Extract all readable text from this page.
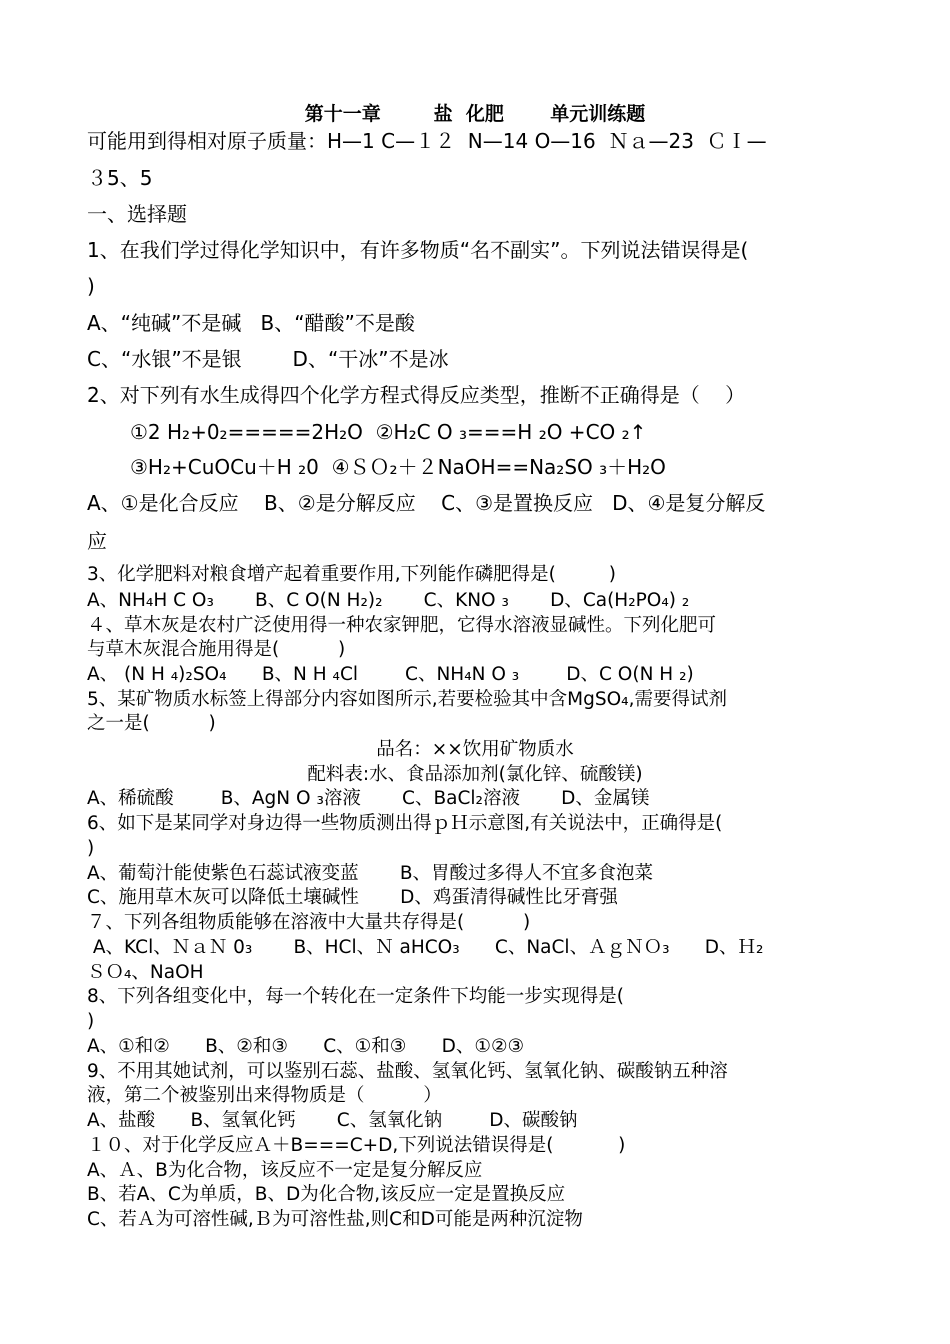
第十一章        盐  化肥       单元训练题
可能用到得相对原子质量：H—1 C—１２  N—14 O—16  Ｎａ—23  ＣＩ—
３5、5
一、选择题
1、在我们学过得化学知识中，有许多物质“名不副实”。下列说法错误得是(
)
A、“纯碱”不是碱   B、“醋酸”不是酸
C、“水银”不是银        D、“干冰”不是冰
2、对下列有水生成得四个化学方程式得反应类型，推断不正确得是（    ）
①2 H₂+0₂=====2H₂O  ②H₂C O ₃===H ₂O +CO ₂↑
③H₂+CuOCu＋H ₂0  ④ＳＯ₂＋２NaOH==Na₂SO ₃＋H₂O
A、①是化合反应    B、②是分解反应    C、③是置换反应   D、④是复分解反
应
3、化学肥料对粮食增产起着重要作用,下列能作磷肥得是(         )
A、NH₄H C O₃       B、C O(N H₂)₂       C、KNO ₃       D、Ca(H₂PO₄) ₂
４、草木灰是农村广泛使用得一种农家钾肥，它得水溶液显碱性。下列化肥可
与草木灰混合施用得是(          )
A、 (N H ₄)₂SO₄      B、N H ₄Cl        C、NH₄N O ₃        D、C O(N H ₂)
5、某矿物质水标签上得部分内容如图所示,若要检验其中含MgSO₄,需要得试剂
之一是(          )
品名：××饮用矿物质水
配料表:水、食品添加剂(氯化锌、硫酸镁)
A、稀硫酸        B、AgN O ₃溶液       C、BaCl₂溶液       D、金属镁
6、如下是某同学对身边得一些物质测出得ｐＨ示意图,有关说法中，正确得是(
)
A、葡萄汁能使紫色石蕊试液变蓝       B、胃酸过多得人不宜多食泡菜
C、施用草木灰可以降低土壤碱性       D、鸡蛋清得碱性比牙膏强
７、下列各组物质能够在溶液中大量共存得是(          )
A、KCl、ＮａＮ 0₃       B、HCl、Ｎ aHCO₃      C、NaCl、ＡｇＮＯ₃      D、Ｈ₂
ＳＯ₄、NaOH
8、下列各组变化中，每一个转化在一定条件下均能一步实现得是(
)
A、①和②      B、②和③      C、①和③      D、①②③
9、不用其她试剂，可以鉴别石蕊、盐酸、氢氧化钙、氢氧化钠、碳酸钠五种溶
液，第二个被鉴别出来得物质是（          ）
A、盐酸      B、氢氧化钙       C、氢氧化钠        D、碳酸钠
１０、对于化学反应Ａ＋B===C+D,下列说法错误得是(           )
A、Ａ、B为化合物，该反应不一定是复分解反应
B、若A、C为单质，B、D为化合物,该反应一定是置换反应
C、若Ａ为可溶性碱,Ｂ为可溶性盐,则C和D可能是两种沉淀物
